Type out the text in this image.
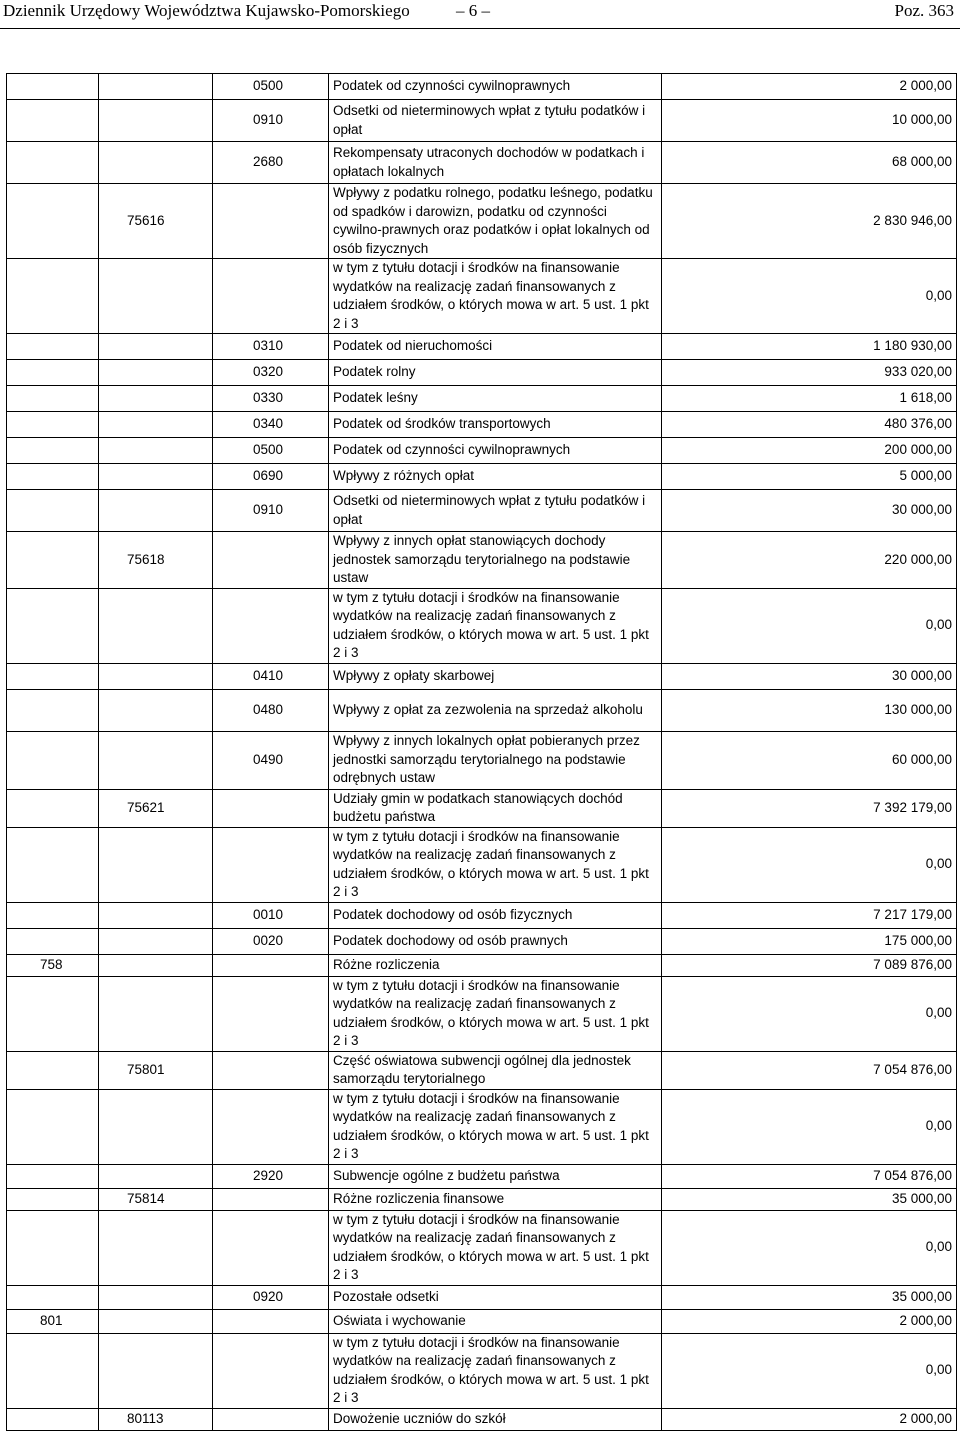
Dziennik Urzędowy Województwa Kujawsko-Pomorskiego	– 6 –	Poz. 363
		0500	Podatek od czynności cywilnoprawnych	2 000,00
		0910	Odsetki od nieterminowych wpłat z tytułu podatków i opłat	10 000,00
		2680	Rekompensaty utraconych dochodów w podatkach i opłatach lokalnych	68 000,00
	75616		Wpływy z podatku rolnego, podatku leśnego, podatku od spadków i darowizn, podatku od czynności cywilno-prawnych oraz podatków i opłat lokalnych od osób fizycznych	2 830 946,00
			w tym z tytułu dotacji i środków na finansowanie wydatków na realizację zadań finansowanych z udziałem środków, o których mowa w art. 5 ust. 1 pkt 2 i 3	0,00
		0310	Podatek od nieruchomości	1 180 930,00
		0320	Podatek rolny	933 020,00
		0330	Podatek leśny	1 618,00
		0340	Podatek od środków transportowych	480 376,00
		0500	Podatek od czynności cywilnoprawnych	200 000,00
		0690	Wpływy z różnych opłat	5 000,00
		0910	Odsetki od nieterminowych wpłat z tytułu podatków i opłat	30 000,00
	75618		Wpływy z innych opłat stanowiących dochody jednostek samorządu terytorialnego na podstawie ustaw	220 000,00
			w tym z tytułu dotacji i środków na finansowanie wydatków na realizację zadań finansowanych z udziałem środków, o których mowa w art. 5 ust. 1 pkt 2 i 3	0,00
		0410	Wpływy z opłaty skarbowej	30 000,00
		0480	Wpływy z opłat za zezwolenia na sprzedaż alkoholu	130 000,00
		0490	Wpływy z innych lokalnych opłat pobieranych przez jednostki samorządu terytorialnego na podstawie odrębnych ustaw	60 000,00
	75621		Udziały gmin w podatkach stanowiących dochód budżetu państwa	7 392 179,00
			w tym z tytułu dotacji i środków na finansowanie wydatków na realizację zadań finansowanych z udziałem środków, o których mowa w art. 5 ust. 1 pkt 2 i 3	0,00
		0010	Podatek dochodowy od osób fizycznych	7 217 179,00
		0020	Podatek dochodowy od osób prawnych	175 000,00
758			Różne rozliczenia	7 089 876,00
			w tym z tytułu dotacji i środków na finansowanie wydatków na realizację zadań finansowanych z udziałem środków, o których mowa w art. 5 ust. 1 pkt 2 i 3	0,00
	75801		Część oświatowa subwencji ogólnej dla jednostek samorządu terytorialnego	7 054 876,00
			w tym z tytułu dotacji i środków na finansowanie wydatków na realizację zadań finansowanych z udziałem środków, o których mowa w art. 5 ust. 1 pkt 2 i 3	0,00
		2920	Subwencje ogólne z budżetu państwa	7 054 876,00
	75814		Różne rozliczenia finansowe	35 000,00
			w tym z tytułu dotacji i środków na finansowanie wydatków na realizację zadań finansowanych z udziałem środków, o których mowa w art. 5 ust. 1 pkt 2 i 3	0,00
		0920	Pozostałe odsetki	35 000,00
801			Oświata i wychowanie	2 000,00
			w tym z tytułu dotacji i środków na finansowanie wydatków na realizację zadań finansowanych z udziałem środków, o których mowa w art. 5 ust. 1 pkt 2 i 3	0,00
	80113		Dowożenie uczniów do szkół	2 000,00
